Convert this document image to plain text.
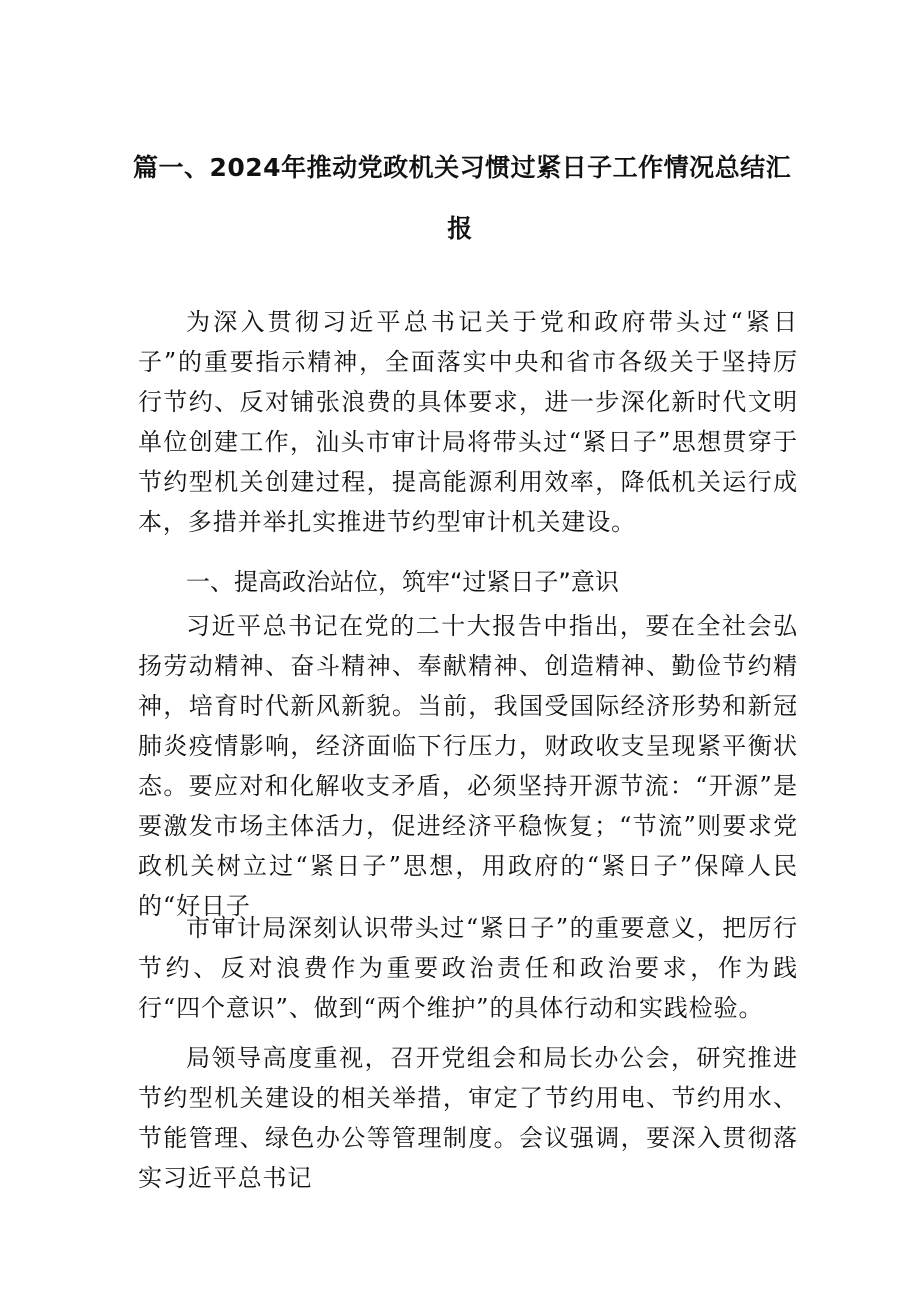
篇一、2024年推动党政机关习惯过紧日子工作情况总结汇
报

为深入贯彻习近平总书记关于党和政府带头过“紧日子”的重要指示精神，全面落实中央和省市各级关于坚持厉行节约、反对铺张浪费的具体要求，进一步深化新时代文明单位创建工作，汕头市审计局将带头过“紧日子”思想贯穿于节约型机关创建过程，提高能源利用效率，降低机关运行成本，多措并举扎实推进节约型审计机关建设。

一、提高政治站位，筑牢“过紧日子”意识

习近平总书记在党的二十大报告中指出，要在全社会弘扬劳动精神、奋斗精神、奉献精神、创造精神、勤俭节约精神，培育时代新风新貌。当前，我国受国际经济形势和新冠肺炎疫情影响，经济面临下行压力，财政收支呈现紧平衡状态。要应对和化解收支矛盾，必须坚持开源节流：“开源”是要激发市场主体活力，促进经济平稳恢复；“节流”则要求党政机关树立过“紧日子”思想，用政府的“紧日子”保障人民的“好日子

市审计局深刻认识带头过“紧日子”的重要意义，把厉行节约、反对浪费作为重要政治责任和政治要求，作为践行“四个意识”、做到“两个维护”的具体行动和实践检验。

局领导高度重视，召开党组会和局长办公会，研究推进节约型机关建设的相关举措，审定了节约用电、节约用水、节能管理、绿色办公等管理制度。会议强调，要深入贯彻落实习近平总书记
